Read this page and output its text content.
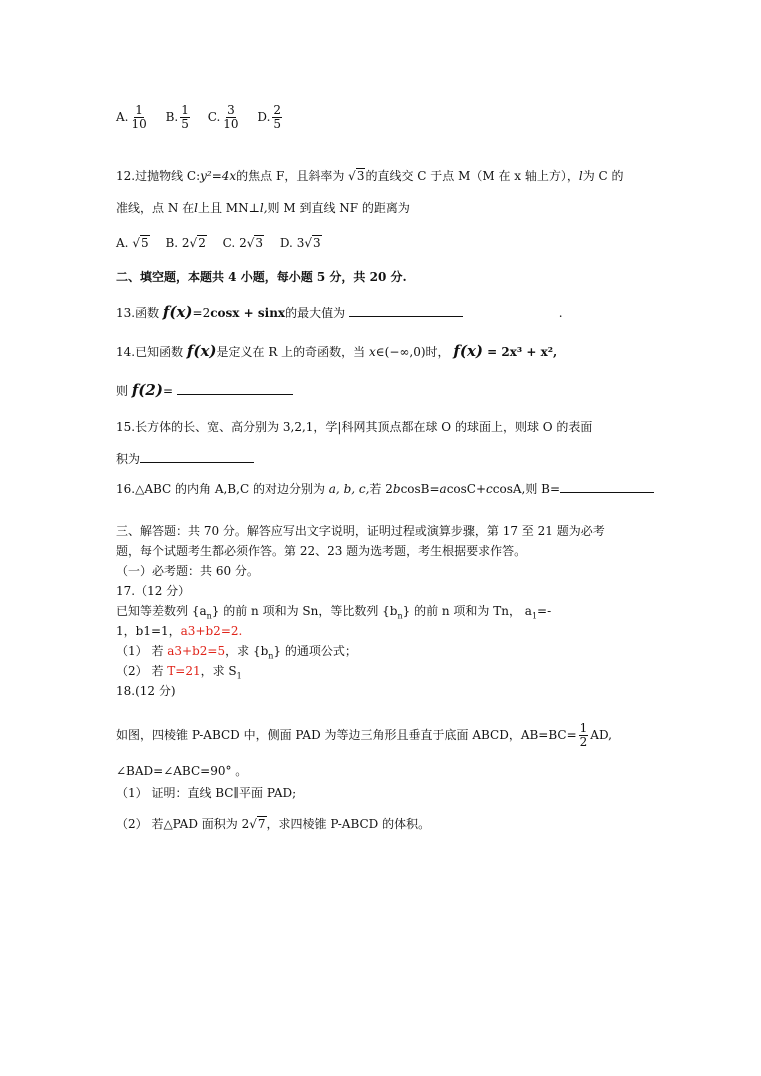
A. $\frac{1}{10} B$. $\frac{1}{5} C$. $\frac{3}{10} D$. $\frac{2}{5}$
12.过抛物线 C:y²=4x的焦点 F，且斜率为 √3的直线交 C 于点 M（M 在 x 轴上方），l为 C 的
准线，点 N 在l上且 MN⊥l,则 M 到直线 NF 的距离为
A. √5 B. 2√2 C. 2√3 D. 3√3
二、填空题，本题共 4 小题，每小题 5 分，共 20 分.
13.函数 f(x)=2cosx + sinx的最大值为	.
14.已知函数 f(x)是定义在 R 上的奇函数，当 x∈(−∞,0)时， f(x) = 2x³ + x²,
则 f(2)=
15.长方体的长、宽、高分别为 3,2,1，学|科网其顶点都在球 O 的球面上，则球 O 的表面
积为
16.△ABC 的内角 A,B,C 的对边分别为 a, b, c,若 2bcosB=acosC+ccosA,则 B=
三、解答题：共 70 分。解答应写出文字说明，证明过程或演算步骤，第 17 至 21 题为必考
题，每个试题考生都必须作答。第 22、23 题为选考题，考生根据要求作答。
（一）必考题：共 60 分。
17.（12 分）
已知等差数列 $\{a_n\}$ 的前 n 项和为 Sn，等比数列 $\{b_n\}$ 的前 n 项和为 Tn， $a_1=-$
1，b1=1，a3+b2=2.
（1） 若 a3+b2=5，求 $\{b_n\}$ 的通项公式；
（2） 若 T=21，求 $S_1$
18.(12 分)
如图，四棱锥 P-ABCD 中，侧面 PAD 为等边三角形且垂直于底面 ABCD，$AB=BC= \frac{1}{2}$ AD,
∠BAD=∠ABC=90° 。
（1） 证明：直线 BC∥平面 PAD;
（2） 若△PAD 面积为 2√7，求四棱锥 P-ABCD 的体积。
